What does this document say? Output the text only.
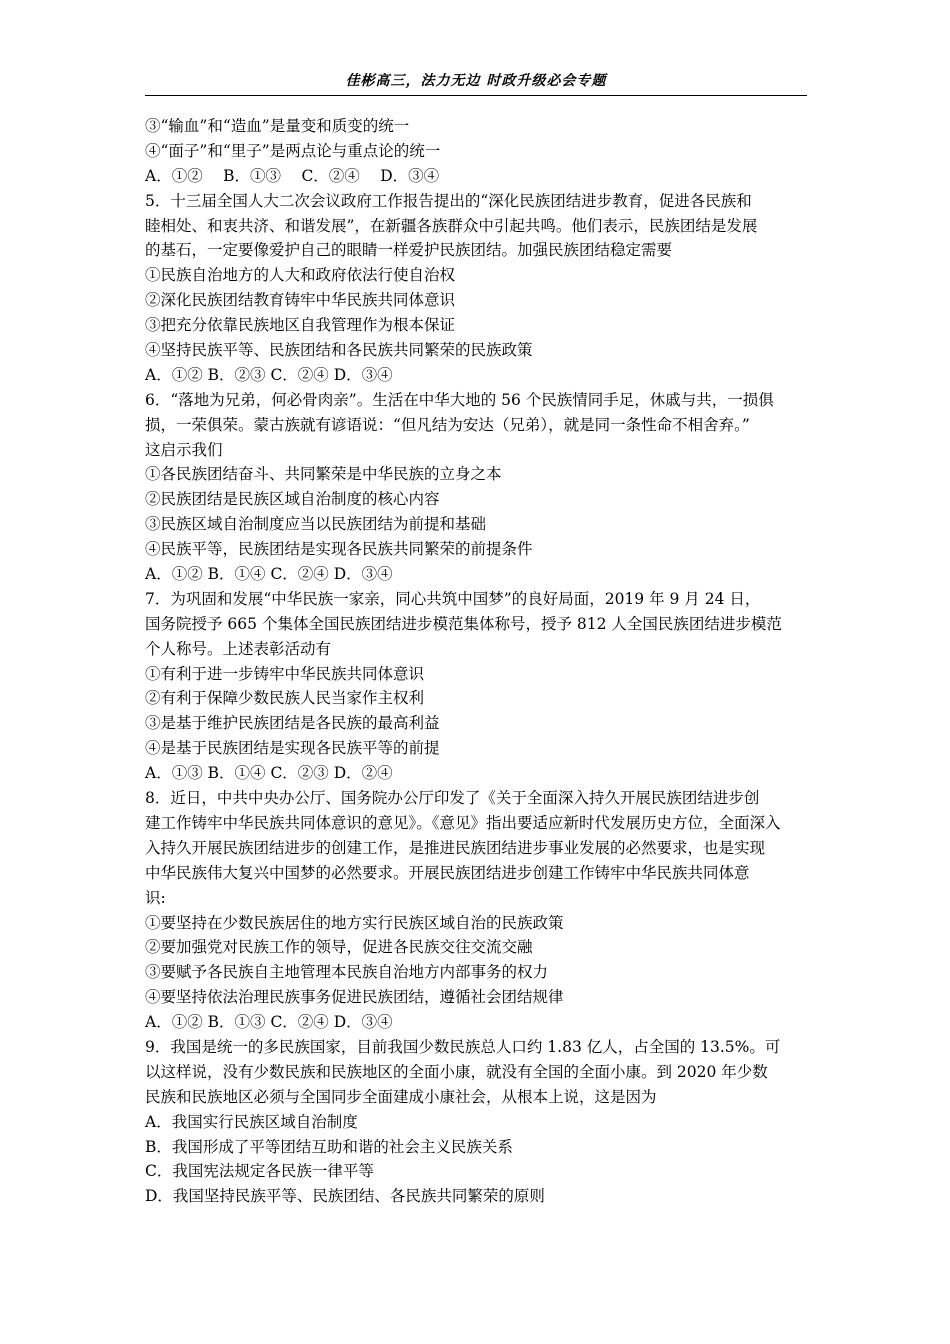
佳彬高三，法力无边 时政升级必会专题
③“输血”和“造血”是量变和质变的统一
④“面子”和“里子”是两点论与重点论的统一
A．①②　 B．①③　 C．②④　 D．③④
5．十三届全国人大二次会议政府工作报告提出的“深化民族团结进步教育，促进各民族和
睦相处、和衷共济、和谐发展”，在新疆各族群众中引起共鸣。他们表示，民族团结是发展
的基石，一定要像爱护自己的眼睛一样爱护民族团结。加强民族团结稳定需要
①民族自治地方的人大和政府依法行使自治权
②深化民族团结教育铸牢中华民族共同体意识
③把充分依靠民族地区自我管理作为根本保证
④坚持民族平等、民族团结和各民族共同繁荣的民族政策
A．①② B．②③ C．②④ D．③④
6．“落地为兄弟，何必骨肉亲”。生活在中华大地的 56 个民族情同手足，休戚与共，一损俱
损，一荣俱荣。蒙古族就有谚语说：“但凡结为安达（兄弟），就是同一条性命不相舍弃。”
这启示我们
①各民族团结奋斗、共同繁荣是中华民族的立身之本
②民族团结是民族区域自治制度的核心内容
③民族区域自治制度应当以民族团结为前提和基础
④民族平等，民族团结是实现各民族共同繁荣的前提条件
A．①② B．①④ C．②④ D．③④
7．为巩固和发展“中华民族一家亲，同心共筑中国梦”的良好局面，2019 年 9 月 24 日，
国务院授予 665 个集体全国民族团结进步模范集体称号，授予 812 人全国民族团结进步模范
个人称号。上述表彰活动有
①有利于进一步铸牢中华民族共同体意识
②有利于保障少数民族人民当家作主权利
③是基于维护民族团结是各民族的最高利益
④是基于民族团结是实现各民族平等的前提
A．①③ B．①④ C．②③ D．②④
8．近日，中共中央办公厅、国务院办公厅印发了《关于全面深入持久开展民族团结进步创
建工作铸牢中华民族共同体意识的意见》。《意见》指出要适应新时代发展历史方位，全面深入
入持久开展民族团结进步的创建工作，是推进民族团结进步事业发展的必然要求，也是实现
中华民族伟大复兴中国梦的必然要求。开展民族团结进步创建工作铸牢中华民族共同体意
识:
①要坚持在少数民族居住的地方实行民族区域自治的民族政策
②要加强党对民族工作的领导，促进各民族交往交流交融
③要赋予各民族自主地管理本民族自治地方内部事务的权力
④要坚持依法治理民族事务促进民族团结，遵循社会团结规律
A．①② B．①③ C．②④ D．③④
9．我国是统一的多民族国家，目前我国少数民族总人口约 1.83 亿人，占全国的 13.5%。可
以这样说，没有少数民族和民族地区的全面小康，就没有全国的全面小康。到 2020 年少数
民族和民族地区必须与全国同步全面建成小康社会，从根本上说，这是因为
A．我国实行民族区域自治制度
B．我国形成了平等团结互助和谐的社会主义民族关系
C．我国宪法规定各民族一律平等
D．我国坚持民族平等、民族团结、各民族共同繁荣的原则
